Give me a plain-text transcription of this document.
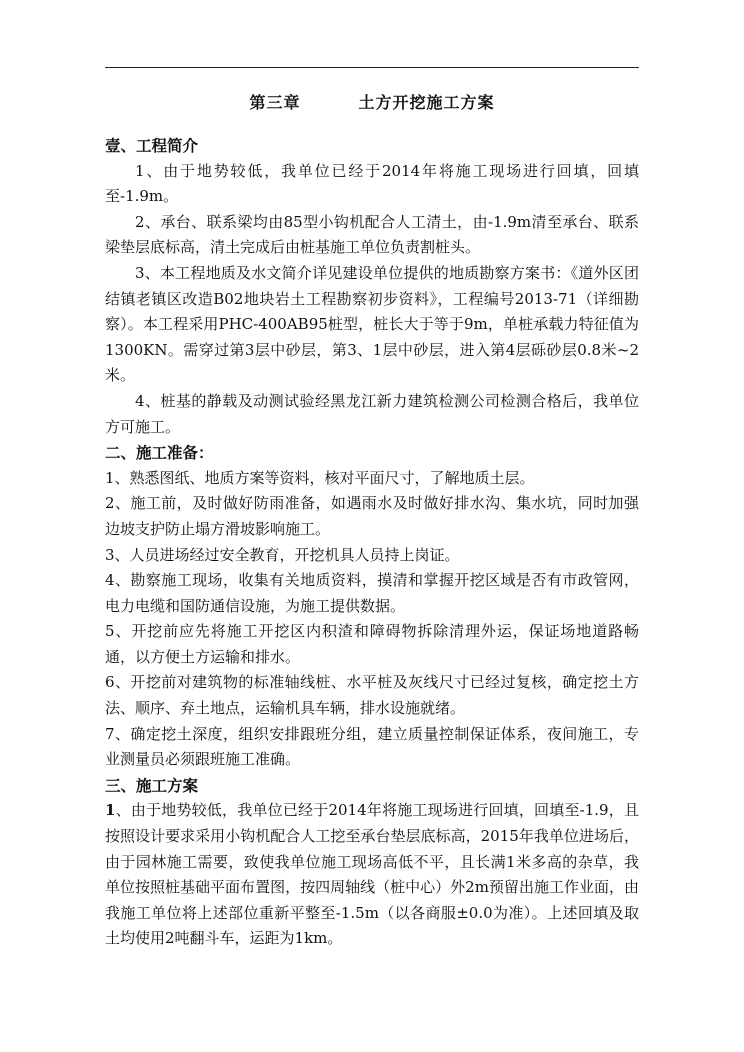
第三章	土方开挖施工方案

壹、工程简介

1、由于地势较低，我单位已经于2014年将施工现场进行回填，回填至-1.9m。

2、承台、联系梁均由85型小钩机配合人工清土，由-1.9m清至承台、联系梁垫层底标高，清土完成后由桩基施工单位负责割桩头。

3、本工程地质及水文简介详见建设单位提供的地质勘察方案书：《道外区团结镇老镇区改造B02地块岩土工程勘察初步资料》，工程编号2013-71（详细勘察）。本工程采用PHC-400AB95桩型，桩长大于等于9m，单桩承载力特征值为1300KN。需穿过第3层中砂层，第3、1层中砂层，进入第4层砾砂层0.8米~2米。

4、桩基的静载及动测试验经黑龙江新力建筑检测公司检测合格后，我单位方可施工。

二、施工准备：

1、熟悉图纸、地质方案等资料，核对平面尺寸，了解地质土层。

2、施工前，及时做好防雨准备，如遇雨水及时做好排水沟、集水坑，同时加强边坡支护防止塌方滑坡影响施工。

3、人员进场经过安全教育，开挖机具人员持上岗证。

4、勘察施工现场，收集有关地质资料，摸清和掌握开挖区域是否有市政管网，电力电缆和国防通信设施，为施工提供数据。

5、开挖前应先将施工开挖区内积渣和障碍物拆除清理外运，保证场地道路畅通，以方便土方运输和排水。

6、开挖前对建筑物的标准轴线桩、水平桩及灰线尺寸已经过复核，确定挖土方法、顺序、弃土地点，运输机具车辆，排水设施就绪。

7、确定挖土深度，组织安排跟班分组，建立质量控制保证体系，夜间施工，专业测量员必须跟班施工准确。

三、施工方案

1、由于地势较低，我单位已经于2014年将施工现场进行回填，回填至-1.9，且按照设计要求采用小钩机配合人工挖至承台垫层底标高，2015年我单位进场后，由于园林施工需要，致使我单位施工现场高低不平，且长满1米多高的杂草，我单位按照桩基础平面布置图，按四周轴线（桩中心）外2m预留出施工作业面，由我施工单位将上述部位重新平整至-1.5m（以各商服±0.0为准）。上述回填及取土均使用2吨翻斗车，运距为1km。
